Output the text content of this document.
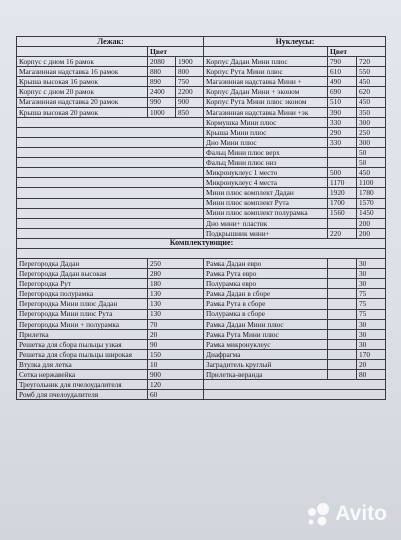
Лежак:			Нуклеусы:		
	Цвет			Цвет	
Корпус с дном 16 рамок	2080	1900	Корпус Дадан Мини плюс	790	720
Магазинная надставка 16 рамок	880	800	Корпус Рута Мини плюс	610	550
Крыша высокая 16 рамок	890	750	Магазинная надставка Мини +	490	450
Корпус с дном 20 рамок	2400	2200	Корпус Дадан Мини + эконом	690	620
Магазинная надставка 20 рамок	990	900	Корпус Рута Мини плюс эконом	510	450
Крыша высокая 20 рамок	1000	850	Магазинная надставка Мини +эк	390	350
			Кормушка Мини плюс	330	300
			Крыша Мини плюс	290	250
			Дно Мини плюс	330	300
			Фальц Мини плюс верх		50
			Фальц Мини плюс низ		50
			Микронуклеус 1 место	500	450
			Микронуклеус 4 места	1170	1100
			Мини плюс комплект Дадан	1920	1780
			Мини плюс комплект Рута	1700	1570
			Мини плюс комплект полурамка	1560	1450
			Дно мини+ пластик		200
			Подкрышник мини+	220	200
Комплектующие:					

Перегородка Дадан	250		Рамка Дадан евро		30
Перегородка Дадан высокая	280		Рамка Рута евро		30
Перегородка Рут	180		Полурамка евро		30
Перегородка полурамка	130		Рамка Дадан в сборе		75
Перегородка Мини плюс Дадан	130		Рамка Рута в сборе		75
Перегородка Мини плюс Рута	130		Полурамка в сборе		75
Перегородка Мини + полурамка	70		Рамка Дадан Мини плюс		30
Прилетка	20		Рамка Рута Мини плюс		30
Решетка для сбора пыльцы узкая	90		Рамка микронуклеус		30
Решетка для сбора пыльцы широкая	150		Диафрагма		170
Втулка для летка	10		Заградитель круглый		20
Сетка нержавейка	900		Прилетка-веранда		80
Треугольник для пчелоудалителя	120				
Ромб для пчелоудалителя	60				
Avito
